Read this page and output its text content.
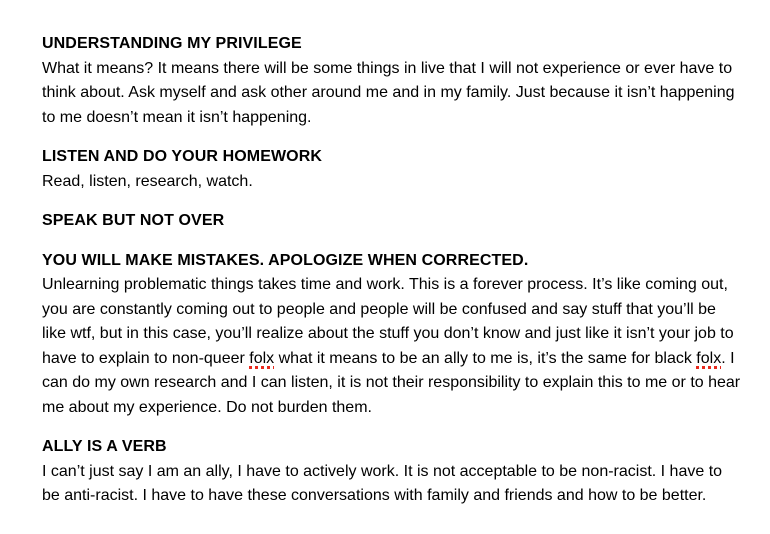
UNDERSTANDING MY PRIVILEGE

What it means? It means there will be some things in live that I will not experience or ever have to think about. Ask myself and ask other around me and in my family. Just because it isn’t happening to me doesn’t mean it isn’t happening.

LISTEN AND DO YOUR HOMEWORK

Read, listen, research, watch.

SPEAK BUT NOT OVER
YOU WILL MAKE MISTAKES. APOLOGIZE WHEN CORRECTED.

Unlearning problematic things takes time and work. This is a forever process. It’s like coming out, you are constantly coming out to people and people will be confused and say stuff that you’ll be like wtf, but in this case, you’ll realize about the stuff you don’t know and just like it isn’t your job to have to explain to non-queer folx what it means to be an ally to me is, it’s the same for black folx. I can do my own research and I can listen, it is not their responsibility to explain this to me or to hear me about my experience. Do not burden them.

ALLY IS A VERB

I can’t just say I am an ally, I have to actively work. It is not acceptable to be non-racist. I have to be anti-racist. I have to have these conversations with family and friends and how to be better.
